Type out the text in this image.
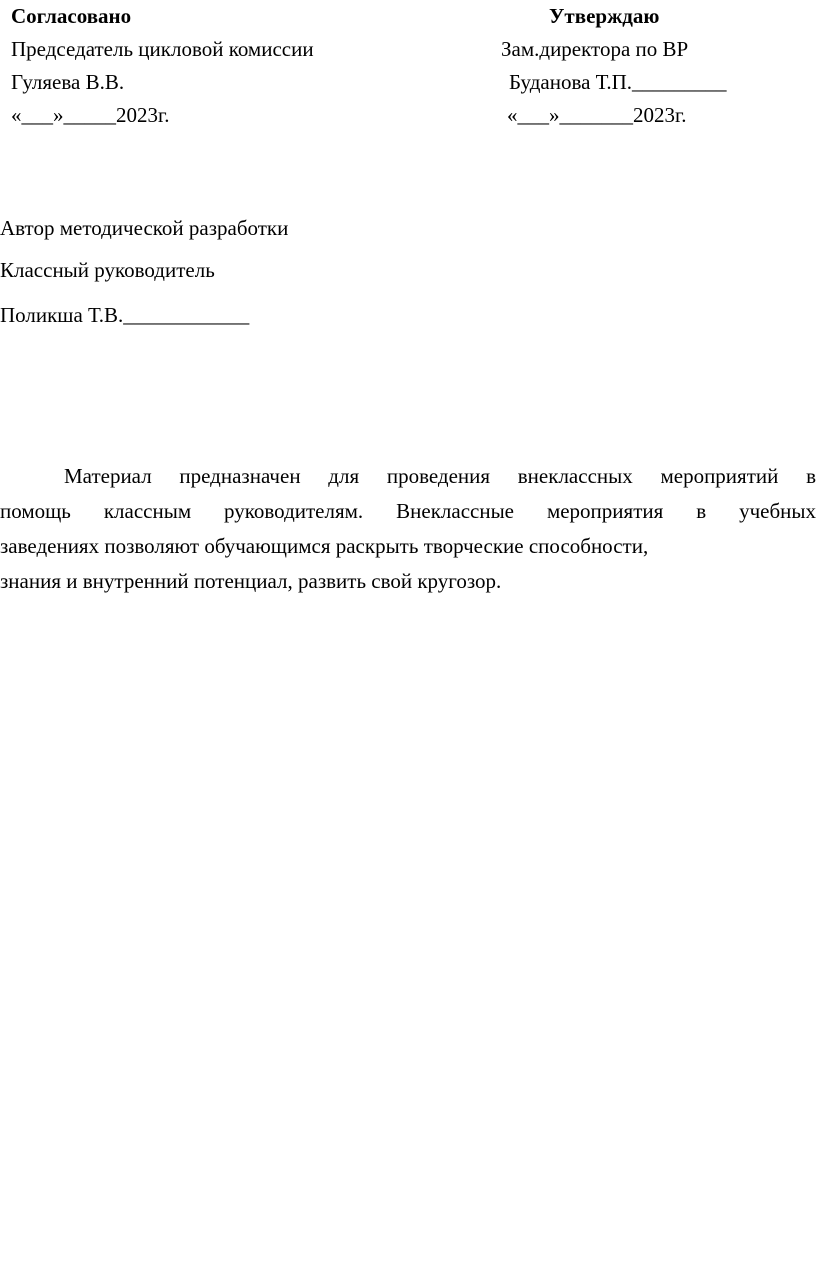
Согласовано
Председатель цикловой комиссии
Гуляева В.В.
«___»_____2023г.
Утверждаю
Зам.директора по ВР
Буданова Т.П._________
«___»_______2023г.
Автор методической разработки
Классный руководитель
Поликша Т.В.____________
Материал предназначен для проведения внеклассных мероприятий в
помощь классным руководителям. Внеклассные мероприятия в учебных
заведениях позволяют обучающимся раскрыть творческие способности,
знания и внутренний потенциал, развить свой кругозор.
